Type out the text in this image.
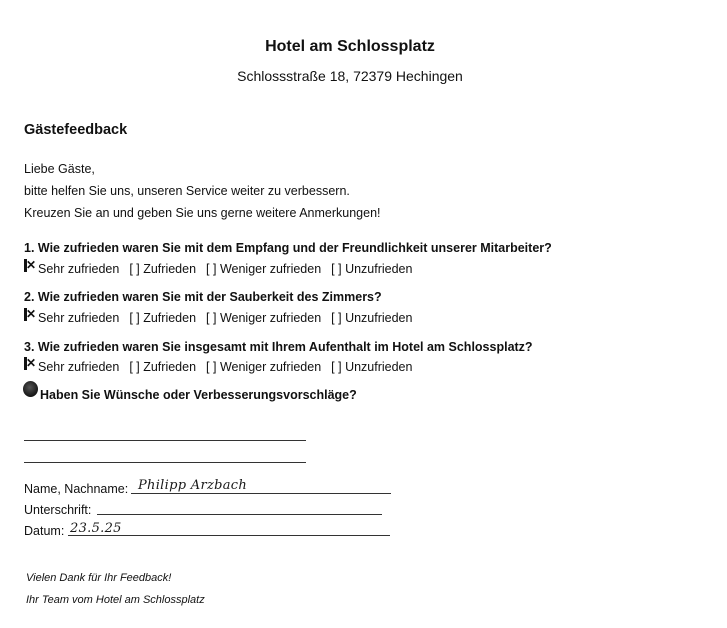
Hotel am Schlossplatz
Schlossstraße 18, 72379 Hechingen
Gästefeedback
Liebe Gäste,
bitte helfen Sie uns, unseren Service weiter zu verbessern.
Kreuzen Sie an und geben Sie uns gerne weitere Anmerkungen!
1. Wie zufrieden waren Sie mit dem Empfang und der Freundlichkeit unserer Mitarbeiter?
Sehr zufrieden [ ]
Zufrieden [ ]
Weniger zufrieden [ ]
Unzufrieden
2. Wie zufrieden waren Sie mit der Sauberkeit des Zimmers?
Sehr zufrieden [ ]
Zufrieden [ ]
Weniger zufrieden [ ]
Unzufrieden
3. Wie zufrieden waren Sie insgesamt mit Ihrem Aufenthalt im Hotel am Schlossplatz?
Sehr zufrieden [ ]
Zufrieden [ ]
Weniger zufrieden [ ]
Unzufrieden
Haben Sie Wünsche oder Verbesserungsvorschläge?
Name, Nachname: Philipp Arzbach
Unterschrift:
Datum: 23.5.25
Vielen Dank für Ihr Feedback!
Ihr Team vom Hotel am Schlossplatz
